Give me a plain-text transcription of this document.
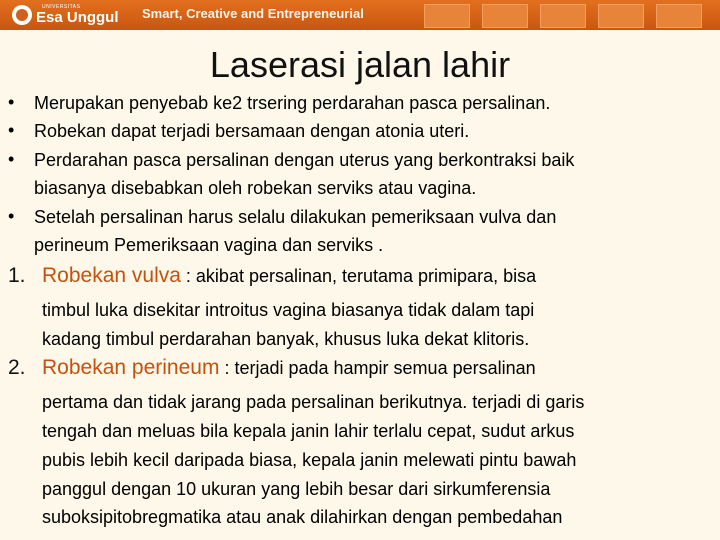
UNIVERSITAS
Esa Unggul Smart, Creative and Entrepreneurial
Laserasi jalan lahir
• Merupakan penyebab ke2 trsering perdarahan pasca persalinan.
• Robekan dapat terjadi bersamaan dengan atonia uteri.
• Perdarahan pasca persalinan dengan uterus yang berkontraksi baik
biasanya disebabkan oleh robekan serviks atau vagina.
• Setelah persalinan harus selalu dilakukan pemeriksaan vulva dan
perineum Pemeriksaan vagina dan serviks .
1. Robekan vulva : akibat persalinan, terutama primipara, bisa
timbul luka disekitar introitus vagina biasanya tidak dalam tapi
kadang timbul perdarahan banyak, khusus luka dekat klitoris.
2. Robekan perineum : terjadi pada hampir semua persalinan
pertama dan tidak jarang pada persalinan berikutnya. terjadi di garis
tengah dan meluas bila kepala janin lahir terlalu cepat, sudut arkus
pubis lebih kecil daripada biasa, kepala janin melewati pintu bawah
panggul dengan 10 ukuran yang lebih besar dari sirkumferensia
suboksipitobregmatika atau anak dilahirkan dengan pembedahan
